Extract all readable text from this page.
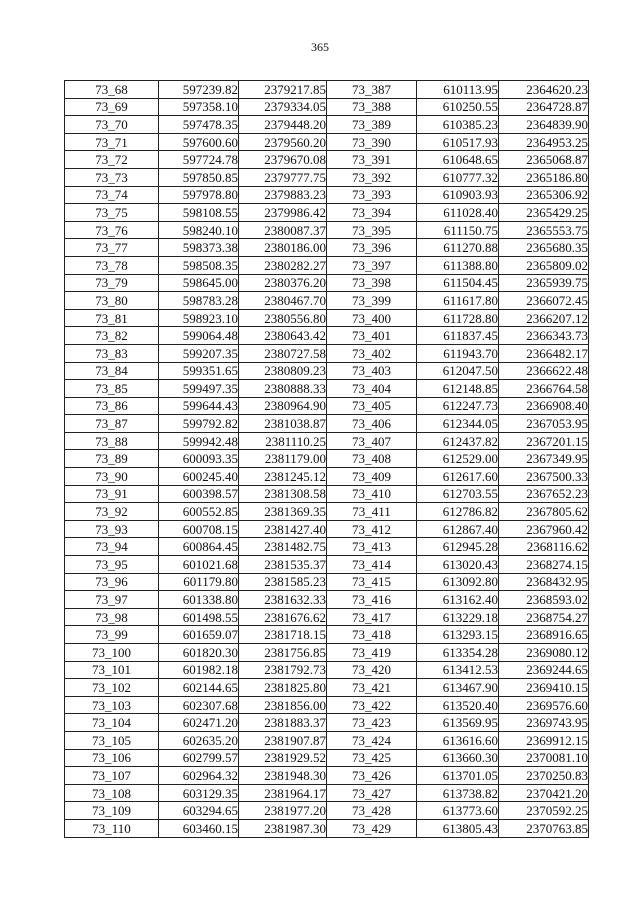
365
73_68	597239.82	2379217.85	73_387	610113.95	2364620.23
73_69	597358.10	2379334.05	73_388	610250.55	2364728.87
73_70	597478.35	2379448.20	73_389	610385.23	2364839.90
73_71	597600.60	2379560.20	73_390	610517.93	2364953.25
73_72	597724.78	2379670.08	73_391	610648.65	2365068.87
73_73	597850.85	2379777.75	73_392	610777.32	2365186.80
73_74	597978.80	2379883.23	73_393	610903.93	2365306.92
73_75	598108.55	2379986.42	73_394	611028.40	2365429.25
73_76	598240.10	2380087.37	73_395	611150.75	2365553.75
73_77	598373.38	2380186.00	73_396	611270.88	2365680.35
73_78	598508.35	2380282.27	73_397	611388.80	2365809.02
73_79	598645.00	2380376.20	73_398	611504.45	2365939.75
73_80	598783.28	2380467.70	73_399	611617.80	2366072.45
73_81	598923.10	2380556.80	73_400	611728.80	2366207.12
73_82	599064.48	2380643.42	73_401	611837.45	2366343.73
73_83	599207.35	2380727.58	73_402	611943.70	2366482.17
73_84	599351.65	2380809.23	73_403	612047.50	2366622.48
73_85	599497.35	2380888.33	73_404	612148.85	2366764.58
73_86	599644.43	2380964.90	73_405	612247.73	2366908.40
73_87	599792.82	2381038.87	73_406	612344.05	2367053.95
73_88	599942.48	2381110.25	73_407	612437.82	2367201.15
73_89	600093.35	2381179.00	73_408	612529.00	2367349.95
73_90	600245.40	2381245.12	73_409	612617.60	2367500.33
73_91	600398.57	2381308.58	73_410	612703.55	2367652.23
73_92	600552.85	2381369.35	73_411	612786.82	2367805.62
73_93	600708.15	2381427.40	73_412	612867.40	2367960.42
73_94	600864.45	2381482.75	73_413	612945.28	2368116.62
73_95	601021.68	2381535.37	73_414	613020.43	2368274.15
73_96	601179.80	2381585.23	73_415	613092.80	2368432.95
73_97	601338.80	2381632.33	73_416	613162.40	2368593.02
73_98	601498.55	2381676.62	73_417	613229.18	2368754.27
73_99	601659.07	2381718.15	73_418	613293.15	2368916.65
73_100	601820.30	2381756.85	73_419	613354.28	2369080.12
73_101	601982.18	2381792.73	73_420	613412.53	2369244.65
73_102	602144.65	2381825.80	73_421	613467.90	2369410.15
73_103	602307.68	2381856.00	73_422	613520.40	2369576.60
73_104	602471.20	2381883.37	73_423	613569.95	2369743.95
73_105	602635.20	2381907.87	73_424	613616.60	2369912.15
73_106	602799.57	2381929.52	73_425	613660.30	2370081.10
73_107	602964.32	2381948.30	73_426	613701.05	2370250.83
73_108	603129.35	2381964.17	73_427	613738.82	2370421.20
73_109	603294.65	2381977.20	73_428	613773.60	2370592.25
73_110	603460.15	2381987.30	73_429	613805.43	2370763.85
